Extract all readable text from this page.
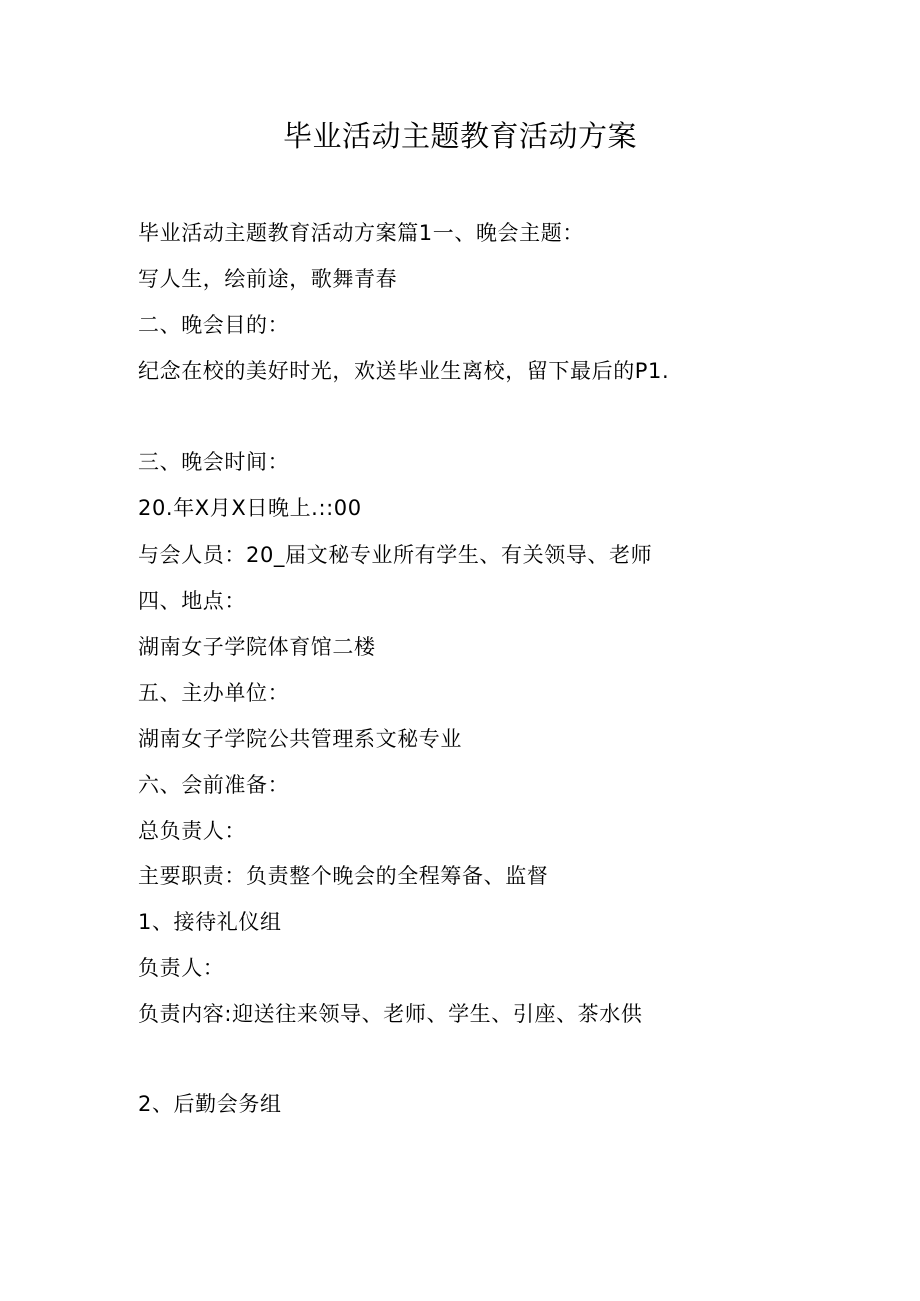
毕业活动主题教育活动方案

毕业活动主题教育活动方案篇1一、晚会主题：

写人生，绘前途，歌舞青春

二、晚会目的：

纪念在校的美好时光，欢送毕业生离校，留下最后的P1.

三、晚会时间：

20.年X月X日晚上.::00

与会人员：20_届文秘专业所有学生、有关领导、老师

四、地点：

湖南女子学院体育馆二楼

五、主办单位：

湖南女子学院公共管理系文秘专业

六、会前准备：

总负责人：

主要职责：负责整个晚会的全程筹备、监督

1、接待礼仪组

负责人：

负责内容:迎送往来领导、老师、学生、引座、茶水供

2、后勤会务组
